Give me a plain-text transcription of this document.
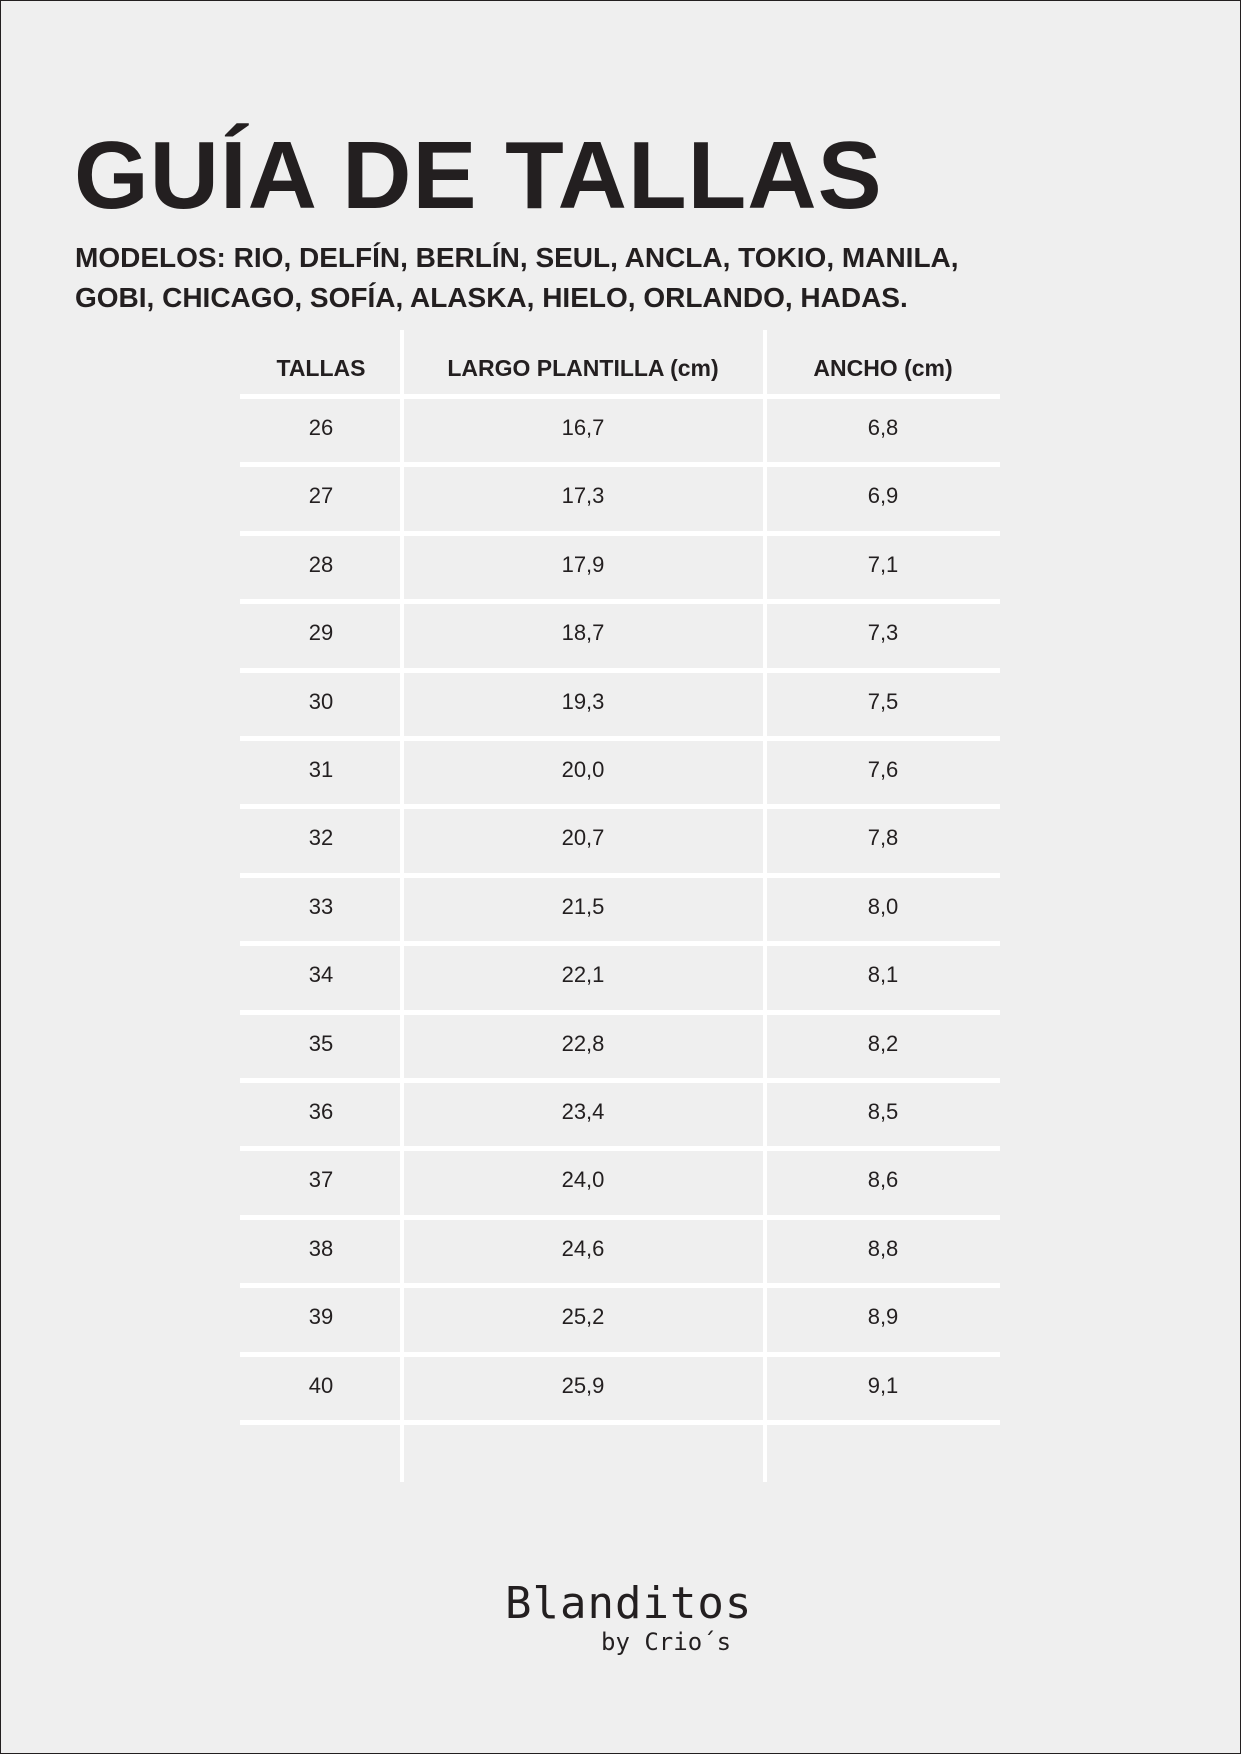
GUÍA DE TALLAS
MODELOS: RIO, DELFÍN, BERLÍN, SEUL, ANCLA, TOKIO, MANILA,
GOBI, CHICAGO, SOFÍA, ALASKA, HIELO, ORLANDO, HADAS.
TALLAS	LARGO PLANTILLA (cm)	ANCHO (cm)
26	16,7	6,8
27	17,3	6,9
28	17,9	7,1
29	18,7	7,3
30	19,3	7,5
31	20,0	7,6
32	20,7	7,8
33	21,5	8,0
34	22,1	8,1
35	22,8	8,2
36	23,4	8,5
37	24,0	8,6
38	24,6	8,8
39	25,2	8,9
40	25,9	9,1
Blanditos
by Crio´s
